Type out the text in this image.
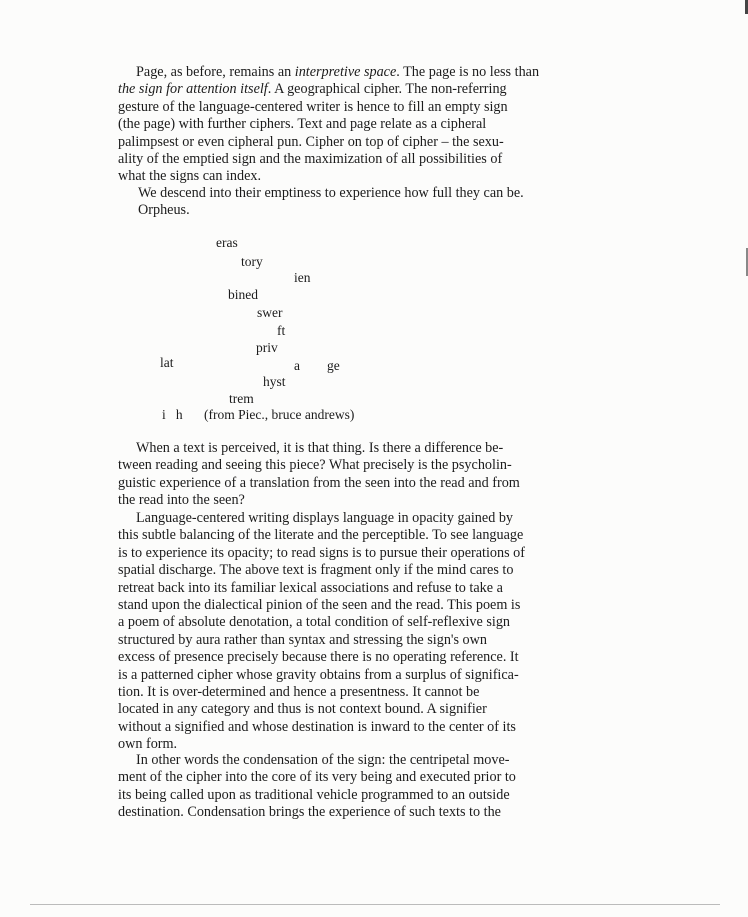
Page, as before, remains an interpretive space. The page is no less than
the sign for attention itself. A geographical cipher. The non-referring
gesture of the language-centered writer is hence to fill an empty sign
(the page) with further ciphers. Text and page relate as a cipheral
palimpsest or even cipheral pun. Cipher on top of cipher – the sexu-
ality of the emptied sign and the maximization of all possibilities of
what the signs can index.

We descend into their emptiness to experience how full they can be.
Orpheus.
eras
tory
ien
bined
swer
ft
priv
lat	a ge
hyst
trem
i   h (from Piec., bruce andrews)

When a text is perceived, it is that thing. Is there a difference be-
tween reading and seeing this piece? What precisely is the psycholin-
guistic experience of a translation from the seen into the read and from
the read into the seen?

Language-centered writing displays language in opacity gained by
this subtle balancing of the literate and the perceptible. To see language
is to experience its opacity; to read signs is to pursue their operations of
spatial discharge. The above text is fragment only if the mind cares to
retreat back into its familiar lexical associations and refuse to take a
stand upon the dialectical pinion of the seen and the read. This poem is
a poem of absolute denotation, a total condition of self-reflexive sign
structured by aura rather than syntax and stressing the sign's own
excess of presence precisely because there is no operating reference. It
is a patterned cipher whose gravity obtains from a surplus of significa-
tion. It is over-determined and hence a presentness. It cannot be
located in any category and thus is not context bound. A signifier
without a signified and whose destination is inward to the center of its
own form.

In other words the condensation of the sign: the centripetal move-
ment of the cipher into the core of its very being and executed prior to
its being called upon as traditional vehicle programmed to an outside
destination. Condensation brings the experience of such texts to the
